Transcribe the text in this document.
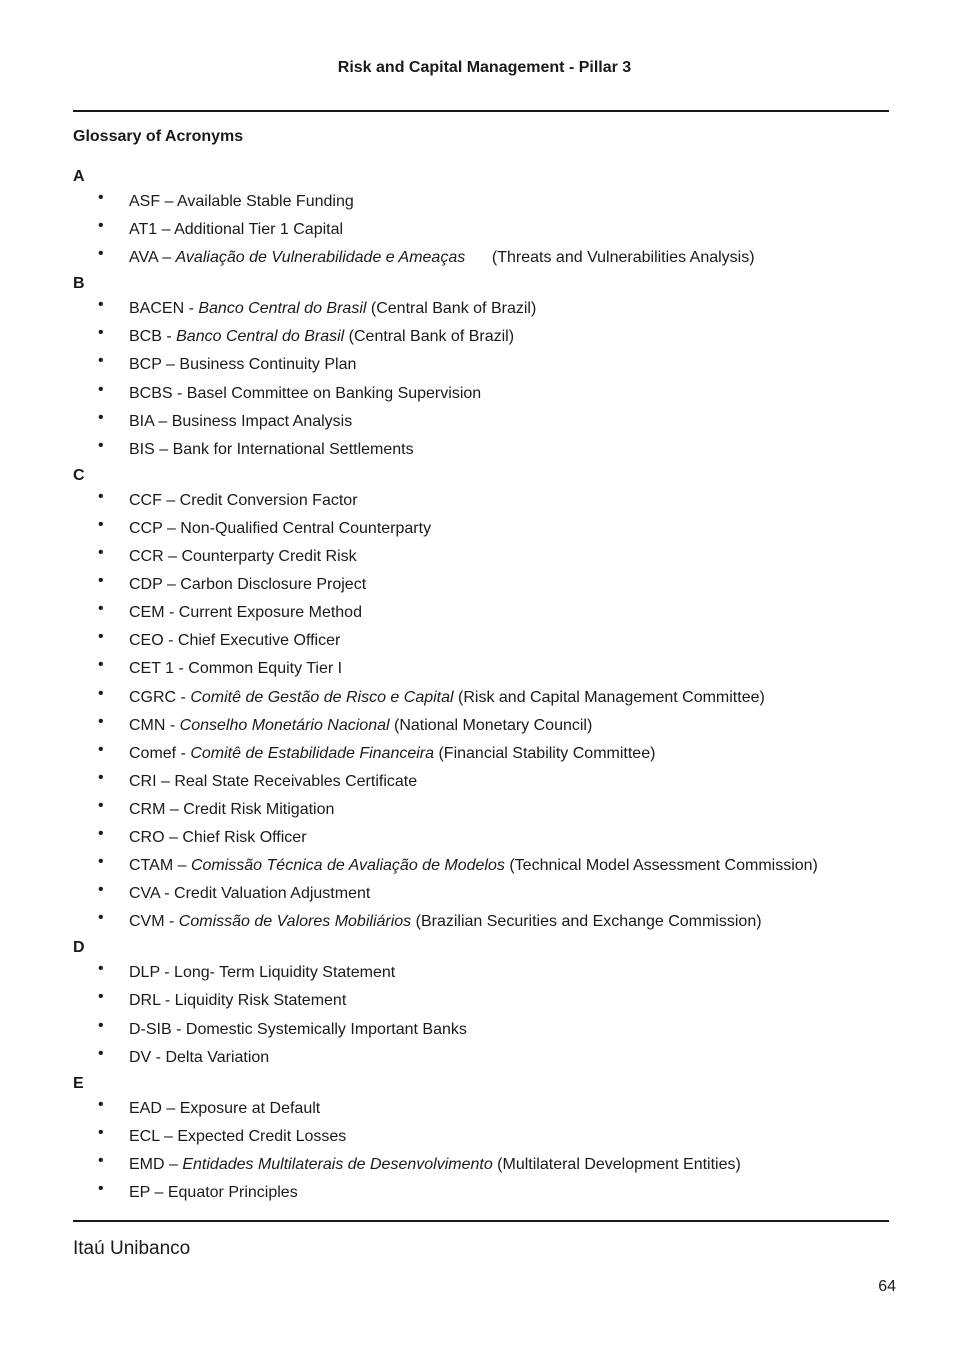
Risk and Capital Management - Pillar 3
Glossary of Acronyms
A
• ASF – Available Stable Funding
• AT1 – Additional Tier 1 Capital
• AVA – Avaliação de Vulnerabilidade e Ameaças      (Threats and Vulnerabilities Analysis)
B
• BACEN - Banco Central do Brasil (Central Bank of Brazil)
• BCB - Banco Central do Brasil (Central Bank of Brazil)
• BCP – Business Continuity Plan
• BCBS - Basel Committee on Banking Supervision
• BIA – Business Impact Analysis
• BIS – Bank for International Settlements
C
• CCF – Credit Conversion Factor
• CCP – Non-Qualified Central Counterparty
• CCR – Counterparty Credit Risk
• CDP – Carbon Disclosure Project
• CEM - Current Exposure Method
• CEO - Chief Executive Officer
• CET 1 - Common Equity Tier I
• CGRC - Comitê de Gestão de Risco e Capital (Risk and Capital Management Committee)
• CMN - Conselho Monetário Nacional (National Monetary Council)
• Comef - Comitê de Estabilidade Financeira (Financial Stability Committee)
• CRI – Real State Receivables Certificate
• CRM – Credit Risk Mitigation
• CRO – Chief Risk Officer
• CTAM – Comissão Técnica de Avaliação de Modelos (Technical Model Assessment Commission)
• CVA - Credit Valuation Adjustment
• CVM - Comissão de Valores Mobiliários (Brazilian Securities and Exchange Commission)
D
• DLP - Long- Term Liquidity Statement
• DRL - Liquidity Risk Statement
• D-SIB - Domestic Systemically Important Banks
• DV - Delta Variation
E
• EAD – Exposure at Default
• ECL – Expected Credit Losses
• EMD – Entidades Multilaterais de Desenvolvimento (Multilateral Development Entities)
• EP – Equator Principles
Itaú Unibanco
64
